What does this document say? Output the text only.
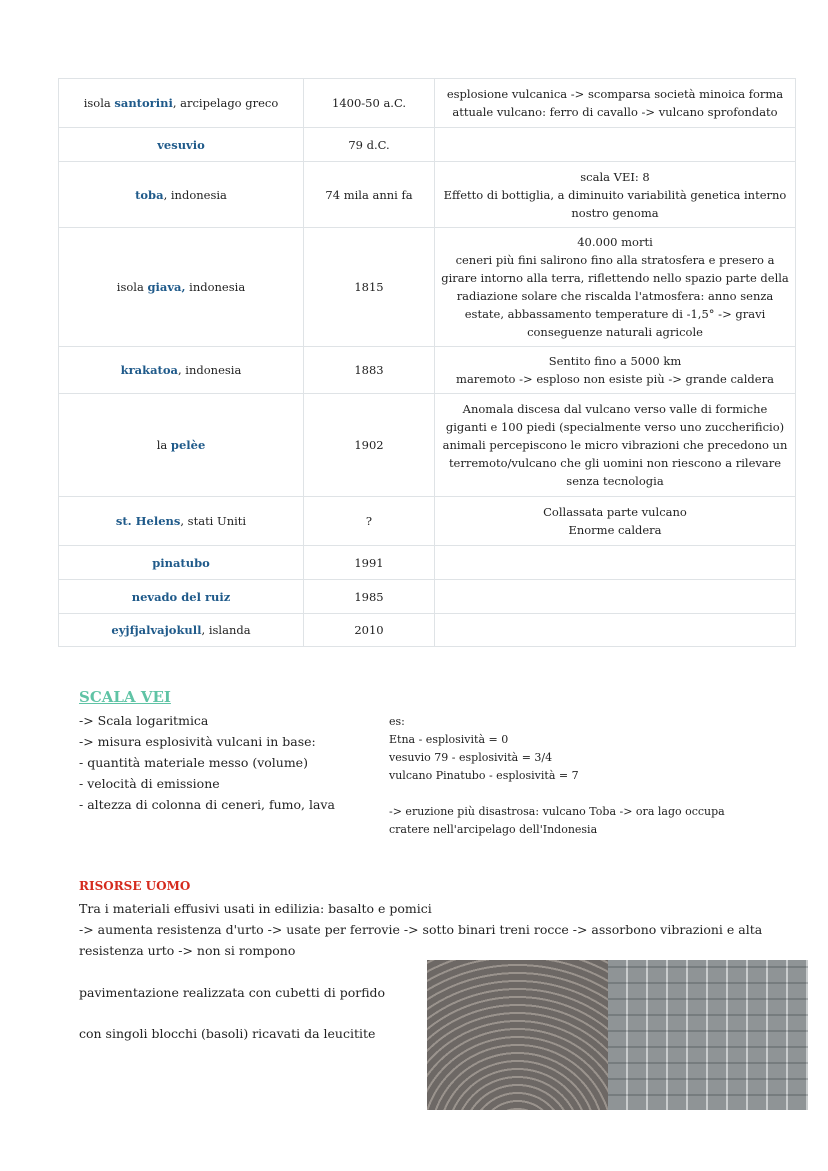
isola santorini, arcipelago greco	1400-50 a.C.	esplosione vulcanica -> scomparsa società minoica forma attuale vulcano: ferro di cavallo -> vulcano sprofondato

vesuvio	79 d.C.	
toba, indonesia	74 mila anni fa	scala VEI: 8
Effetto di bottiglia, a diminuito variabilità genetica interno nostro genoma

isola giava, indonesia	1815	40.000 morti
ceneri più fini salirono fino alla stratosfera e presero a girare intorno alla terra, riflettendo nello spazio parte della radiazione solare che riscalda l'atmosfera: anno senza estate, abbassamento temperature di -1,5° -> gravi conseguenze naturali agricole

krakatoa, indonesia	1883	Sentito fino a 5000 km
maremoto -> esploso non esiste più -> grande caldera

la pelèe	1902	Anomala discesa dal vulcano verso valle di formiche giganti e 100 piedi (specialmente verso uno zuccherificio)
animali percepiscono le micro vibrazioni che precedono un terremoto/vulcano che gli uomini non riescono a rilevare senza tecnologia

st. Helens, stati Uniti	?	Collassata parte vulcano
Enorme caldera

pinatubo	1991	
nevado del ruiz	1985	
eyjfjalvajokull, islanda	2010	
SCALA VEI
-> Scala logaritmica
-> misura esplosività vulcani in base:
- quantità materiale messo (volume)
- velocità di emissione
- altezza di colonna di ceneri, fumo, lava
es:
Etna - esplosività = 0
vesuvio 79 - esplosività = 3/4
vulcano Pinatubo - esplosività = 7
-> eruzione più disastrosa: vulcano Toba -> ora lago occupa
cratere nell'arcipelago dell'Indonesia
RISORSE UOMO
Tra i materiali effusivi usati in edilizia: basalto e pomici
-> aumenta resistenza d'urto -> usate per ferrovie -> sotto binari treni rocce -> assorbono vibrazioni e alta
resistenza urto -> non si rompono
pavimentazione realizzata con cubetti di porfido
con singoli blocchi (basoli) ricavati da leucitite
